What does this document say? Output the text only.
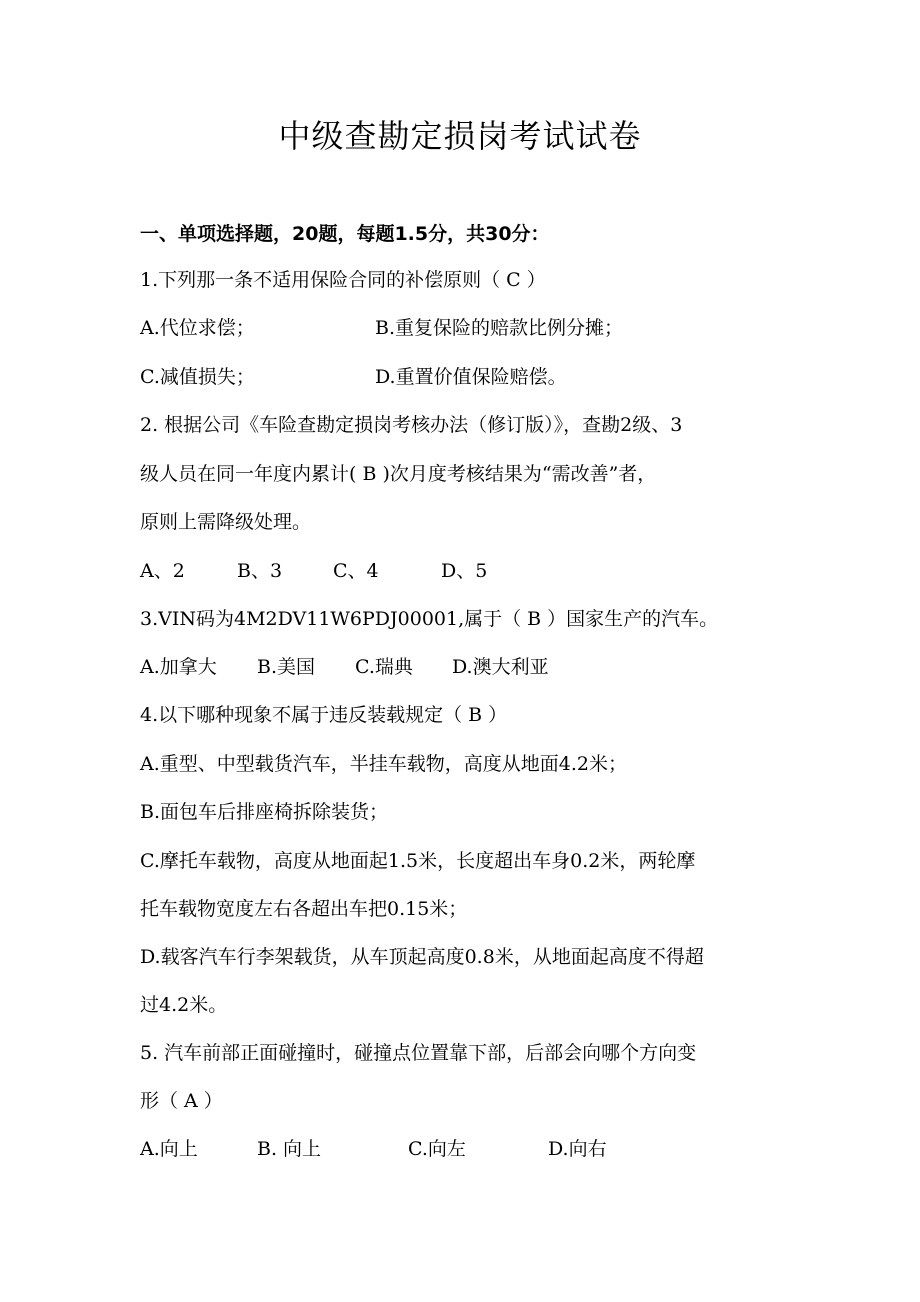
中级查勘定损岗考试试卷
一、单项选择题，20题，每题1.5分，共30分：
1.下列那一条不适用保险合同的补偿原则（ C ）
A.代位求偿；	B.重复保险的赔款比例分摊；
C.减值损失；	D.重置价值保险赔偿。
2. 根据公司《车险查勘定损岗考核办法（修订版）》，查勘2级、3
级人员在同一年度内累计( B )次月度考核结果为“需改善”者，
原则上需降级处理。
A、2	B、3	C、4	D、5
3.VIN码为4M2DV11W6PDJ00001,属于（ B ）国家生产的汽车。
A.加拿大 B.美国 C.瑞典 D.澳大利亚
4.以下哪种现象不属于违反装载规定（ B ）
A.重型、中型载货汽车，半挂车载物，高度从地面4.2米；
B.面包车后排座椅拆除装货；
C.摩托车载物，高度从地面起1.5米，长度超出车身0.2米，两轮摩
托车载物宽度左右各超出车把0.15米；
D.载客汽车行李架载货，从车顶起高度0.8米，从地面起高度不得超
过4.2米。
5. 汽车前部正面碰撞时，碰撞点位置靠下部，后部会向哪个方向变
形（ A ）
A.向上	B. 向上	C.向左	D.向右
